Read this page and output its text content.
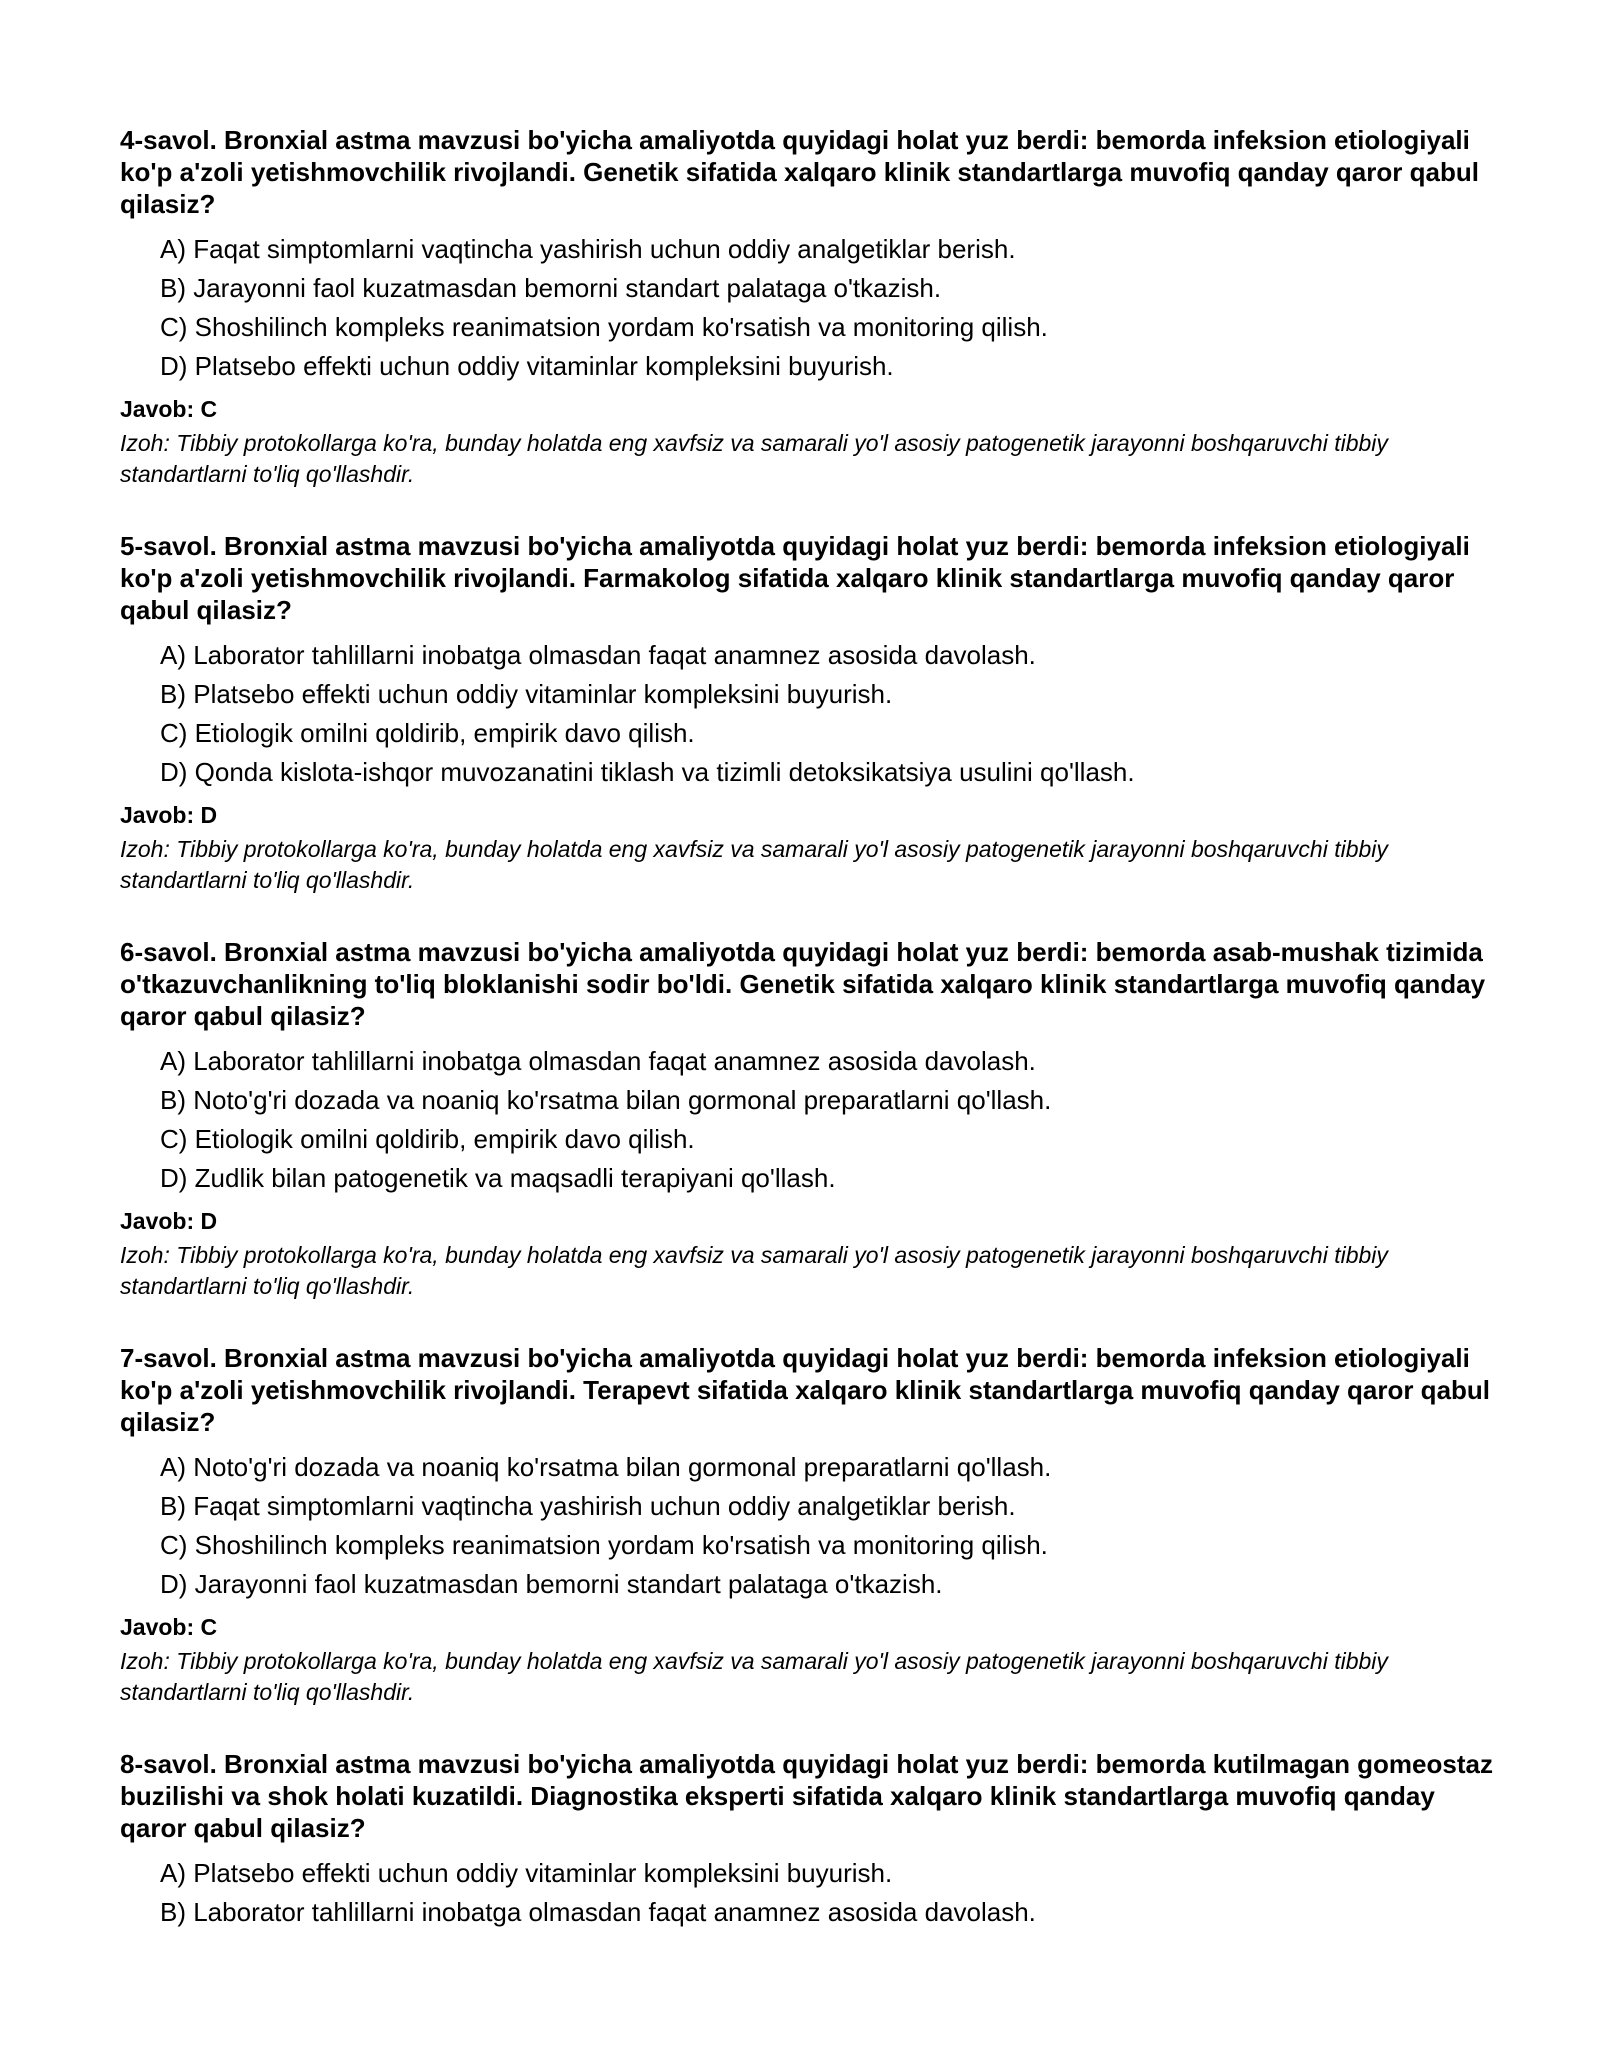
4-savol. Bronxial astma mavzusi bo'yicha amaliyotda quyidagi holat yuz berdi: bemorda infeksion etiologiyali ko'p a'zoli yetishmovchilik rivojlandi. Genetik sifatida xalqaro klinik standartlarga muvofiq qanday qaror qabul qilasiz?

A) Faqat simptomlarni vaqtincha yashirish uchun oddiy analgetiklar berish.
B) Jarayonni faol kuzatmasdan bemorni standart palataga o'tkazish.
C) Shoshilinch kompleks reanimatsion yordam ko'rsatish va monitoring qilish.
D) Platsebo effekti uchun oddiy vitaminlar kompleksini buyurish.

Javob: C

Izoh: Tibbiy protokollarga ko'ra, bunday holatda eng xavfsiz va samarali yo'l asosiy patogenetik jarayonni boshqaruvchi tibbiy standartlarni to'liq qo'llashdir.

5-savol. Bronxial astma mavzusi bo'yicha amaliyotda quyidagi holat yuz berdi: bemorda infeksion etiologiyali ko'p a'zoli yetishmovchilik rivojlandi. Farmakolog sifatida xalqaro klinik standartlarga muvofiq qanday qaror qabul qilasiz?

A) Laborator tahlillarni inobatga olmasdan faqat anamnez asosida davolash.
B) Platsebo effekti uchun oddiy vitaminlar kompleksini buyurish.
C) Etiologik omilni qoldirib, empirik davo qilish.
D) Qonda kislota-ishqor muvozanatini tiklash va tizimli detoksikatsiya usulini qo'llash.

Javob: D

Izoh: Tibbiy protokollarga ko'ra, bunday holatda eng xavfsiz va samarali yo'l asosiy patogenetik jarayonni boshqaruvchi tibbiy standartlarni to'liq qo'llashdir.

6-savol. Bronxial astma mavzusi bo'yicha amaliyotda quyidagi holat yuz berdi: bemorda asab-mushak tizimida o'tkazuvchanlikning to'liq bloklanishi sodir bo'ldi. Genetik sifatida xalqaro klinik standartlarga muvofiq qanday qaror qabul qilasiz?

A) Laborator tahlillarni inobatga olmasdan faqat anamnez asosida davolash.
B) Noto'g'ri dozada va noaniq ko'rsatma bilan gormonal preparatlarni qo'llash.
C) Etiologik omilni qoldirib, empirik davo qilish.
D) Zudlik bilan patogenetik va maqsadli terapiyani qo'llash.

Javob: D

Izoh: Tibbiy protokollarga ko'ra, bunday holatda eng xavfsiz va samarali yo'l asosiy patogenetik jarayonni boshqaruvchi tibbiy standartlarni to'liq qo'llashdir.

7-savol. Bronxial astma mavzusi bo'yicha amaliyotda quyidagi holat yuz berdi: bemorda infeksion etiologiyali ko'p a'zoli yetishmovchilik rivojlandi. Terapevt sifatida xalqaro klinik standartlarga muvofiq qanday qaror qabul qilasiz?

A) Noto'g'ri dozada va noaniq ko'rsatma bilan gormonal preparatlarni qo'llash.
B) Faqat simptomlarni vaqtincha yashirish uchun oddiy analgetiklar berish.
C) Shoshilinch kompleks reanimatsion yordam ko'rsatish va monitoring qilish.
D) Jarayonni faol kuzatmasdan bemorni standart palataga o'tkazish.

Javob: C

Izoh: Tibbiy protokollarga ko'ra, bunday holatda eng xavfsiz va samarali yo'l asosiy patogenetik jarayonni boshqaruvchi tibbiy standartlarni to'liq qo'llashdir.

8-savol. Bronxial astma mavzusi bo'yicha amaliyotda quyidagi holat yuz berdi: bemorda kutilmagan gomeostaz buzilishi va shok holati kuzatildi. Diagnostika eksperti sifatida xalqaro klinik standartlarga muvofiq qanday qaror qabul qilasiz?

A) Platsebo effekti uchun oddiy vitaminlar kompleksini buyurish.
B) Laborator tahlillarni inobatga olmasdan faqat anamnez asosida davolash.
